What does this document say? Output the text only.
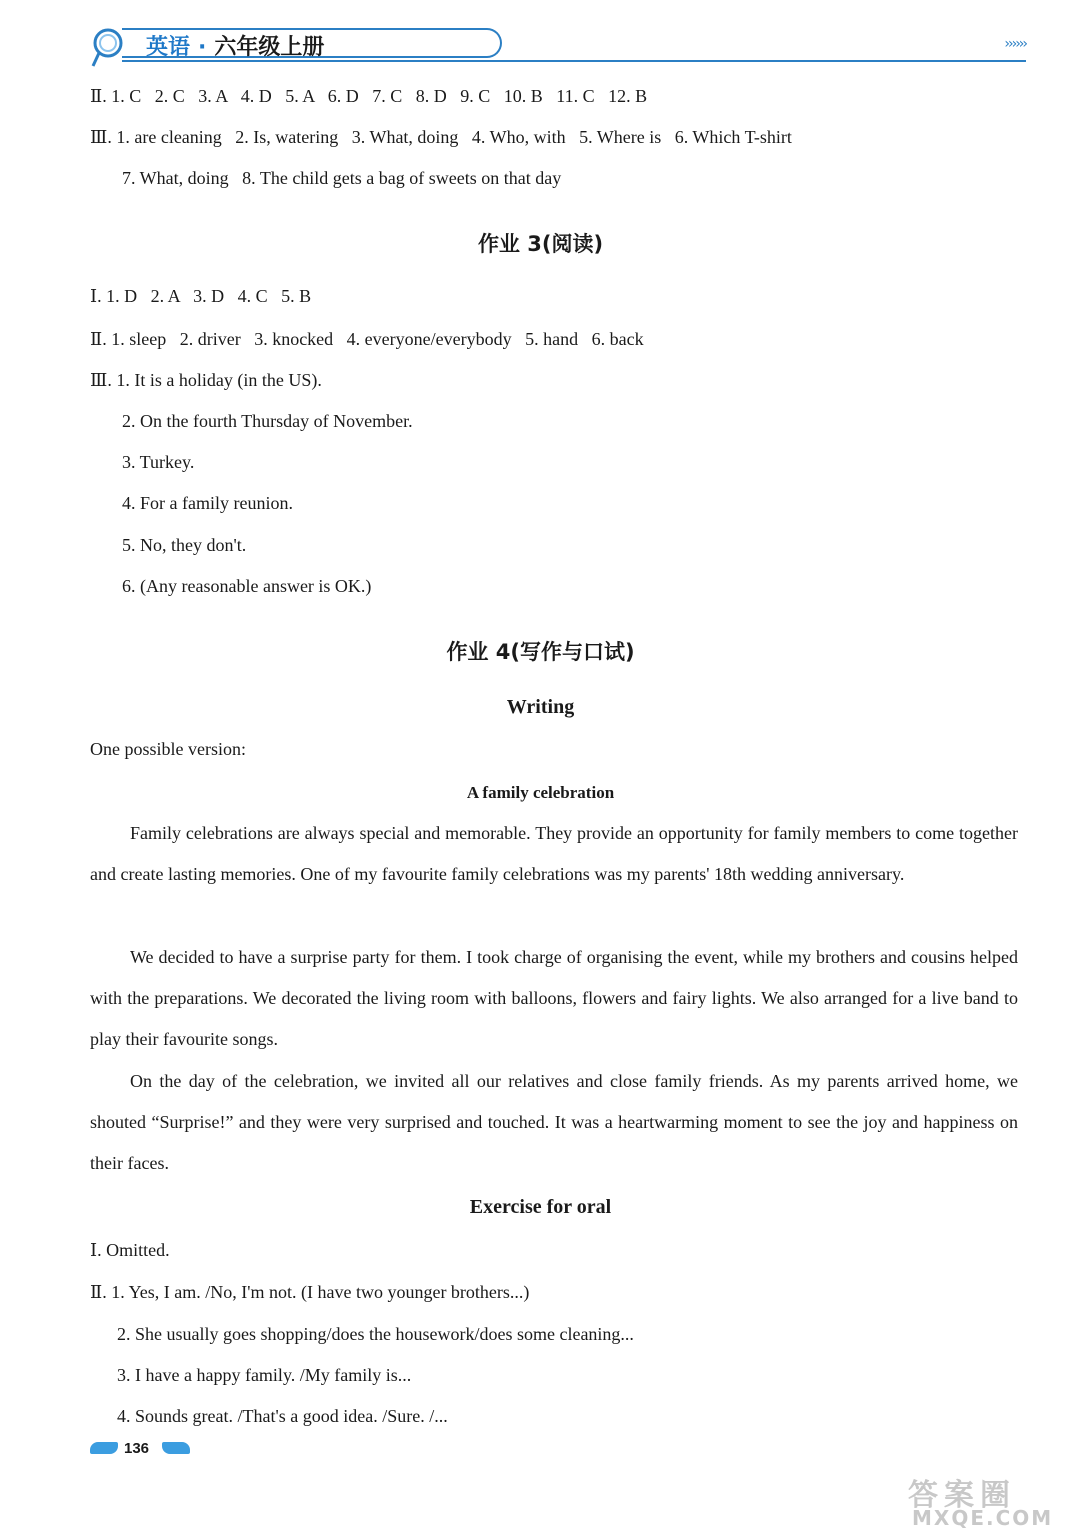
英语 · 六年级上册	››››››
Ⅱ. 1. C   2. C   3. A   4. D   5. A   6. D   7. C   8. D   9. C   10. B   11. C   12. B
Ⅲ. 1. are cleaning   2. Is, watering   3. What, doing   4. Who, with   5. Where is   6. Which T-shirt
7. What, doing   8. The child gets a bag of sweets on that day
作业 3(阅读)
Ⅰ. 1. D   2. A   3. D   4. C   5. B
Ⅱ. 1. sleep   2. driver   3. knocked   4. everyone/everybody   5. hand   6. back
Ⅲ. 1. It is a holiday (in the US).
2. On the fourth Thursday of November.
3. Turkey.
4. For a family reunion.
5. No, they don't.
6. (Any reasonable answer is OK.)
作业 4(写作与口试)
Writing
One possible version:
A family celebration
Family celebrations are always special and memorable. They provide an opportunity for family members to come together and create lasting memories. One of my favourite family celebrations was my parents' 18th wedding anniversary.
We decided to have a surprise party for them. I took charge of organising the event, while my brothers and cousins helped with the preparations. We decorated the living room with balloons, flowers and fairy lights. We also arranged for a live band to play their favourite songs.
On the day of the celebration, we invited all our relatives and close family friends. As my parents arrived home, we shouted “Surprise!” and they were very surprised and touched. It was a heartwarming moment to see the joy and happiness on their faces.
Exercise for oral
Ⅰ. Omitted.
Ⅱ. 1. Yes, I am. /No, I'm not. (I have two younger brothers...)
2. She usually goes shopping/does the housework/does some cleaning...
3. I have a happy family. /My family is...
4. Sounds great. /That's a good idea. /Sure. /...
136
答案圈
MXQE.COM
